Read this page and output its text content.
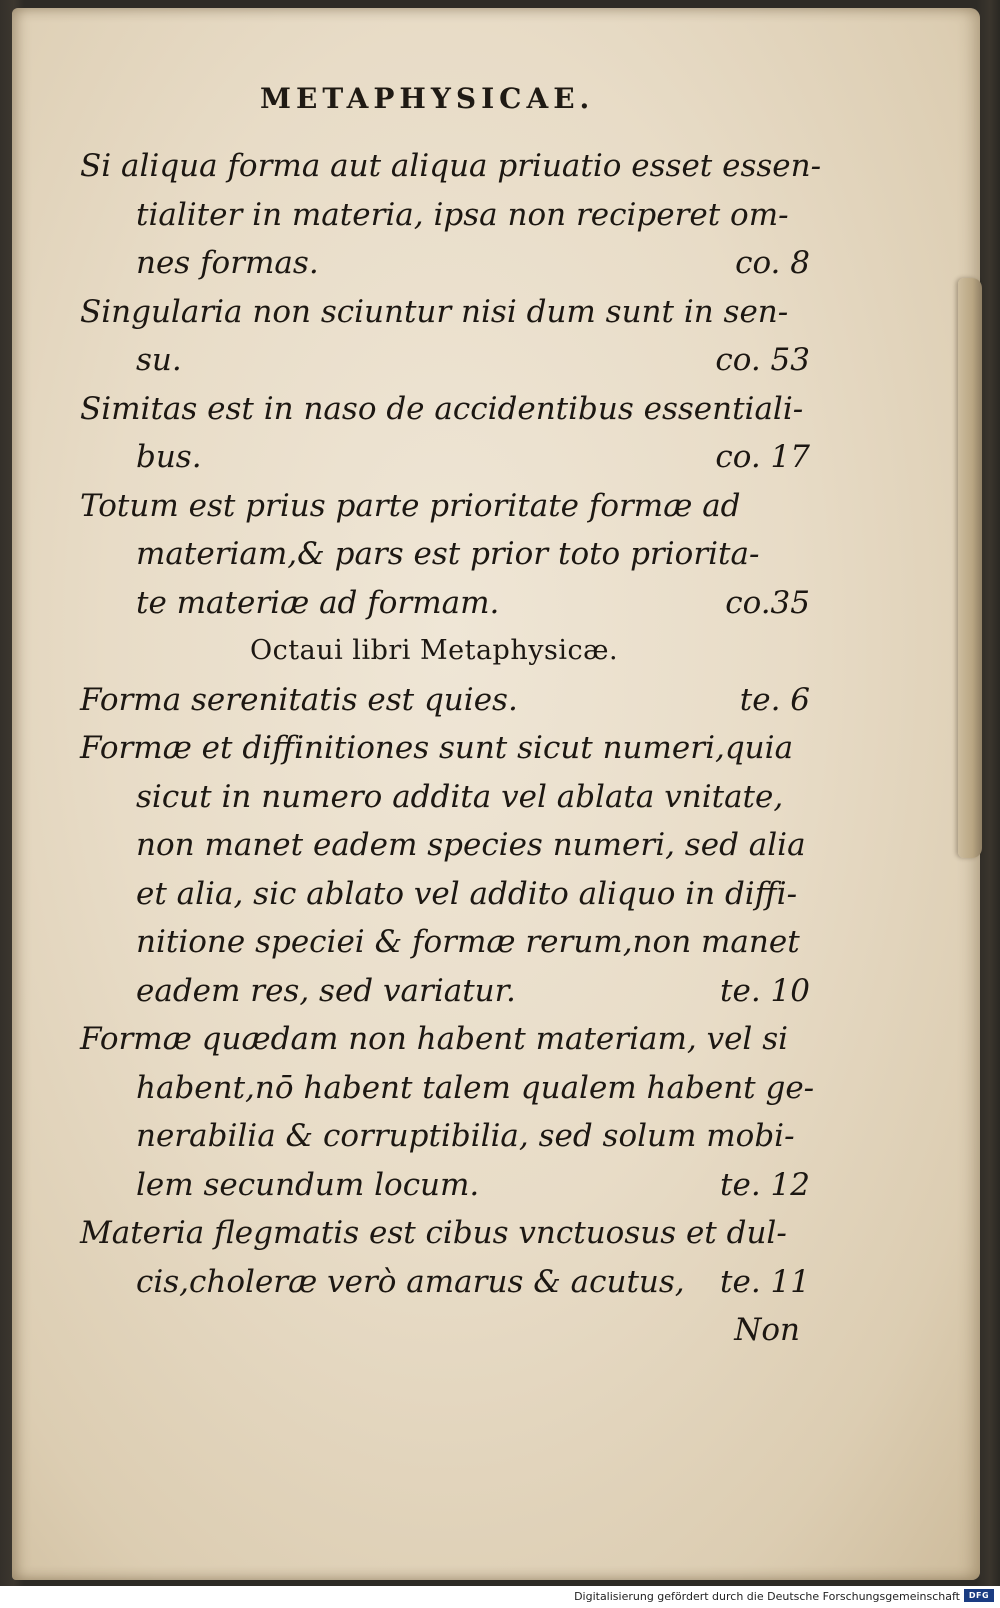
METAPHYSICAE.

Si aliqua forma aut aliqua priuatio esset essen-
tialiter in materia, ipsa non reciperet om-
nes formas.	co. 8

Singularia non sciuntur nisi dum sunt in sen-
su.	co. 53

Simitas est in naso de accidentibus essentiali-
bus.	co. 17

Totum est prius parte prioritate formæ ad
materiam,& pars est prior toto priorita-
te materiæ ad formam.	co.35

Octaui libri Metaphysicæ.

Forma serenitatis est quies.	te. 6

Formæ et diffinitiones sunt sicut numeri,quia
sicut in numero addita vel ablata vnitate,
non manet eadem species numeri, sed alia
et alia, sic ablato vel addito aliquo in diffi-
nitione speciei & formæ rerum,non manet
eadem res, sed variatur.	te. 10

Formæ quædam non habent materiam, vel si
habent,nō habent talem qualem habent ge-
nerabilia & corruptibilia, sed solum mobi-
lem secundum locum.	te. 12

Materia flegmatis est cibus vnctuosus et dul-
cis,choleræ verò amarus & acutus, te. 11

Non
Digitalisierung gefördert durch die Deutsche Forschungsgemeinschaft	DFG
